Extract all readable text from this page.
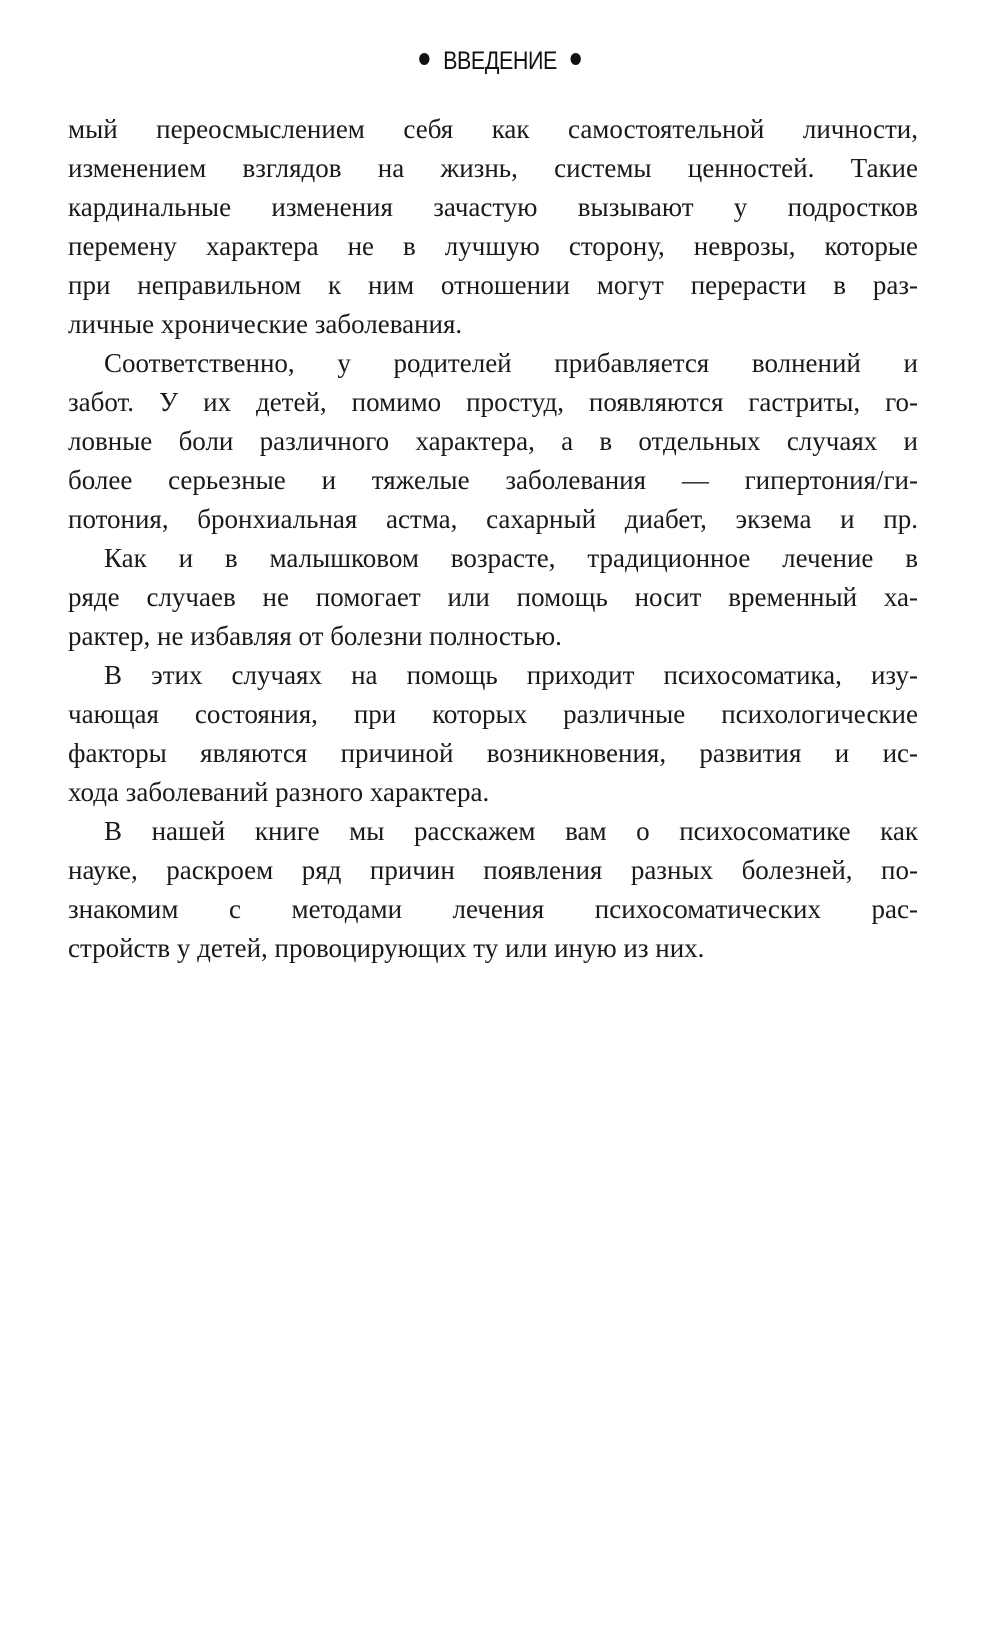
ВВЕДЕНИЕ
мый переосмыслением себя как самостоятельной личности,
изменением взглядов на жизнь, системы ценностей. Такие
кардинальные изменения зачастую вызывают у подростков
перемену характера не в лучшую сторону, неврозы, которые
при неправильном к ним отношении могут перерасти в раз-
личные хронические заболевания.
Соответственно, у родителей прибавляется волнений и
забот. У их детей, помимо простуд, появляются гастриты, го-
ловные боли различного характера, а в отдельных случаях и
более серьезные и тяжелые заболевания — гипертония/ги-
потония, бронхиальная астма, сахарный диабет, экзема и пр.
Как и в малышковом возрасте, традиционное лечение в
ряде случаев не помогает или помощь носит временный ха-
рактер, не избавляя от болезни полностью.
В этих случаях на помощь приходит психосоматика, изу-
чающая состояния, при которых различные психологические
факторы являются причиной возникновения, развития и ис-
хода заболеваний разного характера.
В нашей книге мы расскажем вам о психосоматике как
науке, раскроем ряд причин появления разных болезней, по-
знакомим с методами лечения психосоматических рас-
стройств у детей, провоцирующих ту или иную из них.
